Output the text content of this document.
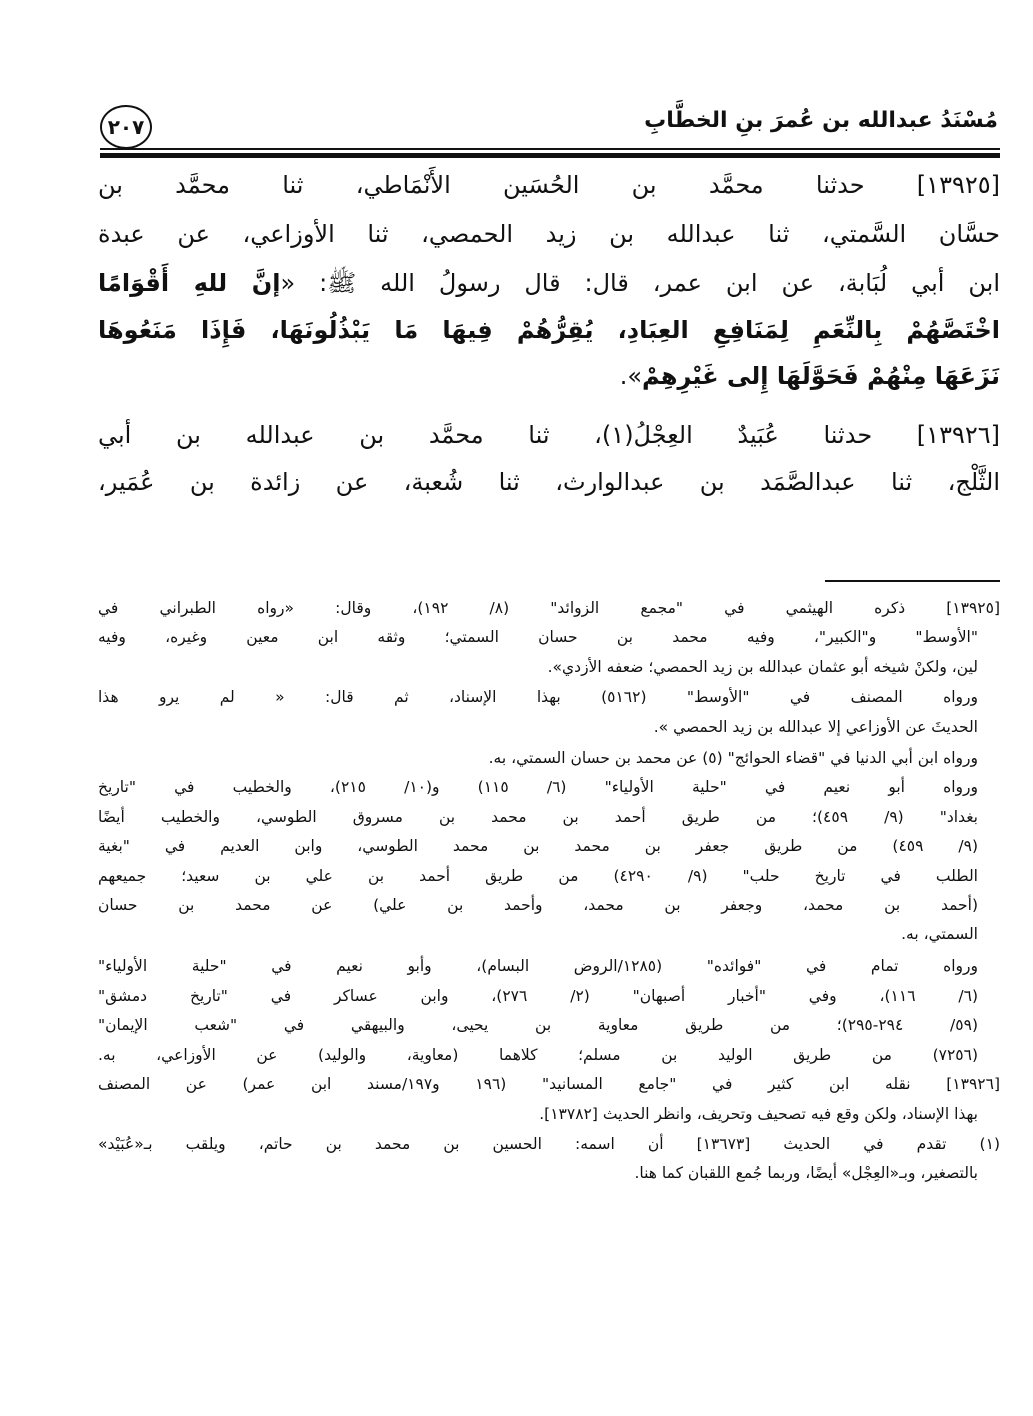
مُسْنَدُ عبدالله بن عُمرَ بنِ الخطَّابِ
٢٠٧
[١٣٩٢٥] حدثنا محمَّد بن الحُسَين الأَنْمَاطي، ثنا محمَّد بن
حسَّان السَّمتي، ثنا عبدالله بن زيد الحمصي، ثنا الأوزاعي، عن عبدة
ابن أبي لُبَابة، عن ابن عمر، قال: قال رسولُ الله ﷺ: «إنَّ للهِ أَقْوَامًا
اخْتَصَّهُمْ بِالنِّعَمِ لِمَنَافِعِ العِبَادِ، يُقِرُّهُمْ فِيهَا مَا يَبْذُلُونَهَا، فَإِذَا مَنَعُوهَا
نَزَعَهَا مِنْهُمْ فَحَوَّلَهَا إِلى غَيْرِهِمْ».
[١٣٩٢٦] حدثنا عُبَيدٌ العِجْلُ(١)، ثنا محمَّد بن عبدالله بن أبي
الثَّلْج، ثنا عبدالصَّمَد بن عبدالوارث، ثنا شُعبة، عن زائدة بن عُمَير،
[١٣٩٢٥] ذكره الهيثمي في "مجمع الزوائد" (٨/ ١٩٢)، وقال: «رواه الطبراني في
"الأوسط" و"الكبير"، وفيه محمد بن حسان السمتي؛ وثقه ابن معين وغيره، وفيه
لين، ولكنْ شيخه أبو عثمان عبدالله بن زيد الحمصي؛ ضعفه الأزدي».
ورواه المصنف في "الأوسط" (٥١٦٢) بهذا الإسناد، ثم قال: « لم يرو هذا
الحديثَ عن الأوزاعي إلا عبدالله بن زيد الحمصي ».
ورواه ابن أبي الدنيا في "قضاء الحوائج" (٥) عن محمد بن حسان السمتي، به.
ورواه أبو نعيم في "حلية الأولياء" (٦/ ١١٥) و(١٠/ ٢١٥)، والخطيب في "تاريخ
بغداد" (٩/ ٤٥٩)؛ من طريق أحمد بن محمد بن مسروق الطوسي، والخطيب أيضًا
(٩/ ٤٥٩) من طريق جعفر بن محمد بن محمد الطوسي، وابن العديم في "بغية
الطلب في تاريخ حلب" (٩/ ٤٢٩٠) من طريق أحمد بن علي بن سعيد؛ جميعهم
(أحمد بن محمد، وجعفر بن محمد، وأحمد بن علي) عن محمد بن حسان
السمتي، به.
ورواه تمام في "فوائده" (١٢٨٥/الروض البسام)، وأبو نعيم في "حلية الأولياء"
(٦/ ١١٦)، وفي "أخبار أصبهان" (٢/ ٢٧٦)، وابن عساكر في "تاريخ دمشق"
(٥٩/ ٢٩٤-٢٩٥)؛ من طريق معاوية بن يحيى، والبيهقي في "شعب الإيمان"
(٧٢٥٦) من طريق الوليد بن مسلم؛ كلاهما (معاوية، والوليد) عن الأوزاعي، به.
[١٣٩٢٦] نقله ابن كثير في "جامع المسانيد" (١٩٦ و١٩٧/مسند ابن عمر) عن المصنف
بهذا الإسناد، ولكن وقع فيه تصحيف وتحريف، وانظر الحديث [١٣٧٨٢].
(١) تقدم في الحديث [١٣٦٧٣] أن اسمه: الحسين بن محمد بن حاتم، ويلقب بـ«عُبَيْد»
بالتصغير، وبـ«العِجْل» أيضًا، وربما جُمع اللقبان كما هنا.
